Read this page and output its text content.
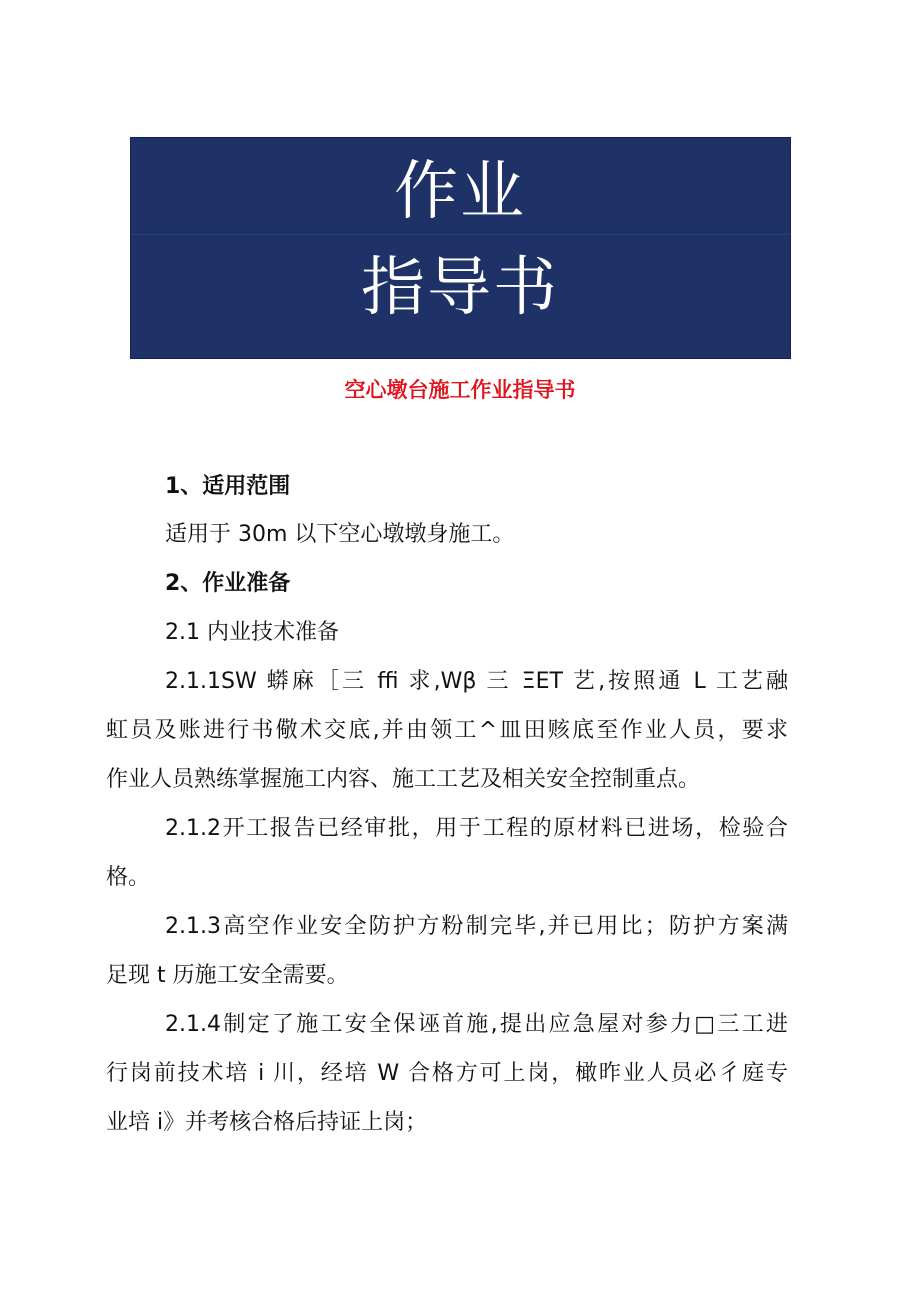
作业
指导书
空心墩台施工作业指导书
1、适用范围
适用于 30m 以下空心墩墩身施工。
2、作业准备
2.1 内业技术准备
2.1.1SW 蟒麻［三 ffi 求,Wβ 三 ΞET 艺,按照通 L 工艺融
虹员及账进行书儆术交底,并由领工^皿田赅底至作业人员，要求
作业人员熟练掌握施工内容、施工工艺及相关安全控制重点。
2.1.2开工报告已经审批，用于工程的原材料已进场，检验合
格。
2.1.3高空作业安全防护方粉制完毕,并已用比；防护方案满
足现 t 历施工安全需要。
2.1.4制定了施工安全保诬首施,提出应急屋对参力□三工进
行岗前技术培 i 川，经培 W 合格方可上岗，橄昨业人员必彳庭专
业培 i》并考核合格后持证上岗；
